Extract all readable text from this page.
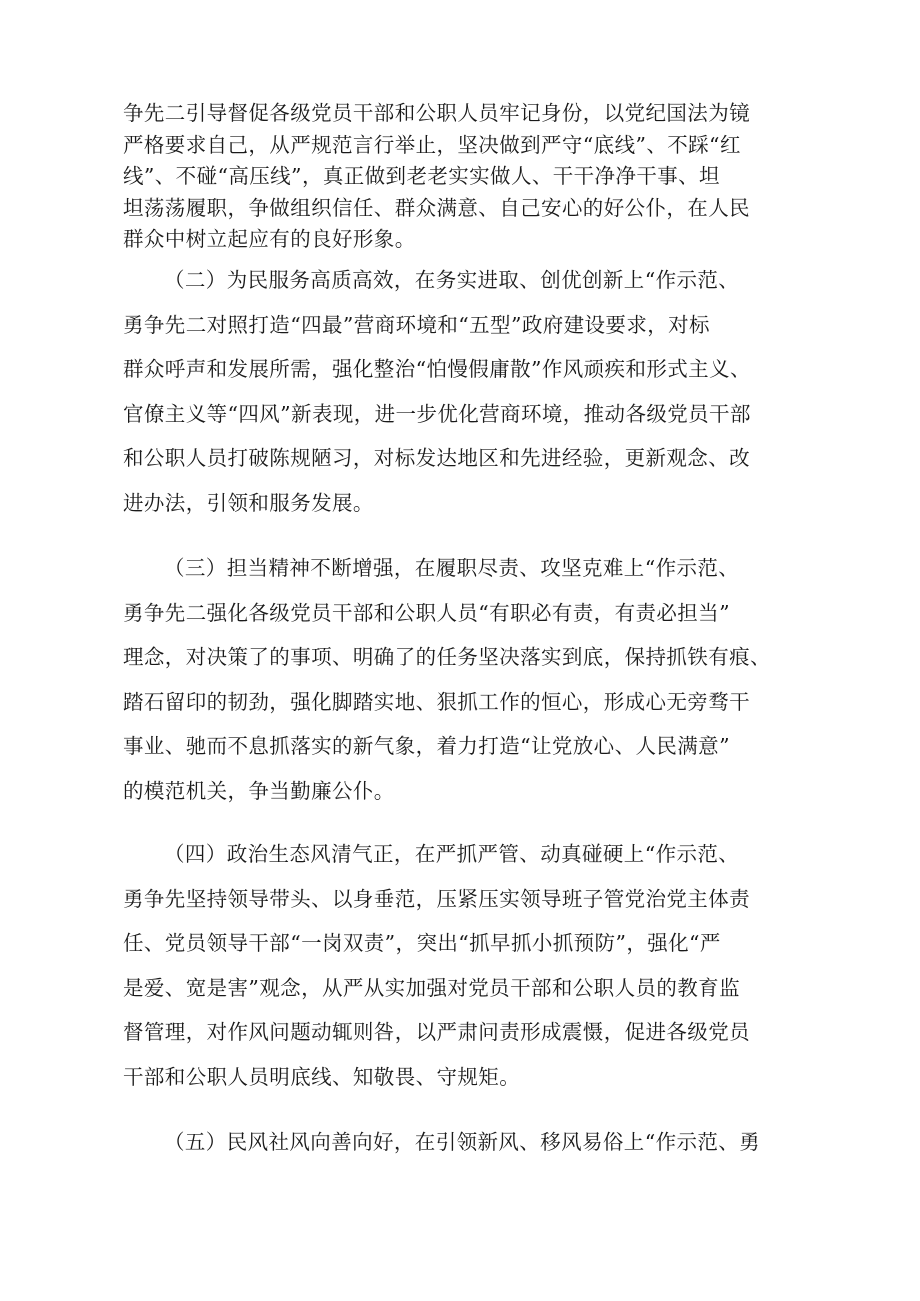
争先二引导督促各级党员干部和公职人员牢记身份，以党纪国法为镜
严格要求自己，从严规范言行举止，坚决做到严守“底线”、不踩“红
线”、不碰“高压线”，真正做到老老实实做人、干干净净干事、坦
坦荡荡履职，争做组织信任、群众满意、自己安心的好公仆，在人民
群众中树立起应有的良好形象。
（二）为民服务高质高效，在务实进取、创优创新上“作示范、
勇争先二对照打造“四最”营商环境和“五型”政府建设要求，对标
群众呼声和发展所需，强化整治“怕慢假庸散”作风顽疾和形式主义、
官僚主义等“四风”新表现，进一步优化营商环境，推动各级党员干部
和公职人员打破陈规陋习，对标发达地区和先进经验，更新观念、改
进办法，引领和服务发展。
（三）担当精神不断增强，在履职尽责、攻坚克难上“作示范、
勇争先二强化各级党员干部和公职人员“有职必有责，有责必担当”
理念，对决策了的事项、明确了的任务坚决落实到底，保持抓铁有痕、
踏石留印的韧劲，强化脚踏实地、狠抓工作的恒心，形成心无旁骛干
事业、驰而不息抓落实的新气象，着力打造“让党放心、人民满意”
的模范机关，争当勤廉公仆。
（四）政治生态风清气正，在严抓严管、动真碰硬上“作示范、
勇争先坚持领导带头、以身垂范，压紧压实领导班子管党治党主体责
任、党员领导干部“一岗双责”，突出“抓早抓小抓预防”，强化“严
是爱、宽是害”观念，从严从实加强对党员干部和公职人员的教育监
督管理，对作风问题动辄则咎，以严肃问责形成震慑，促进各级党员
干部和公职人员明底线、知敬畏、守规矩。
（五）民风社风向善向好，在引领新风、移风易俗上“作示范、勇
